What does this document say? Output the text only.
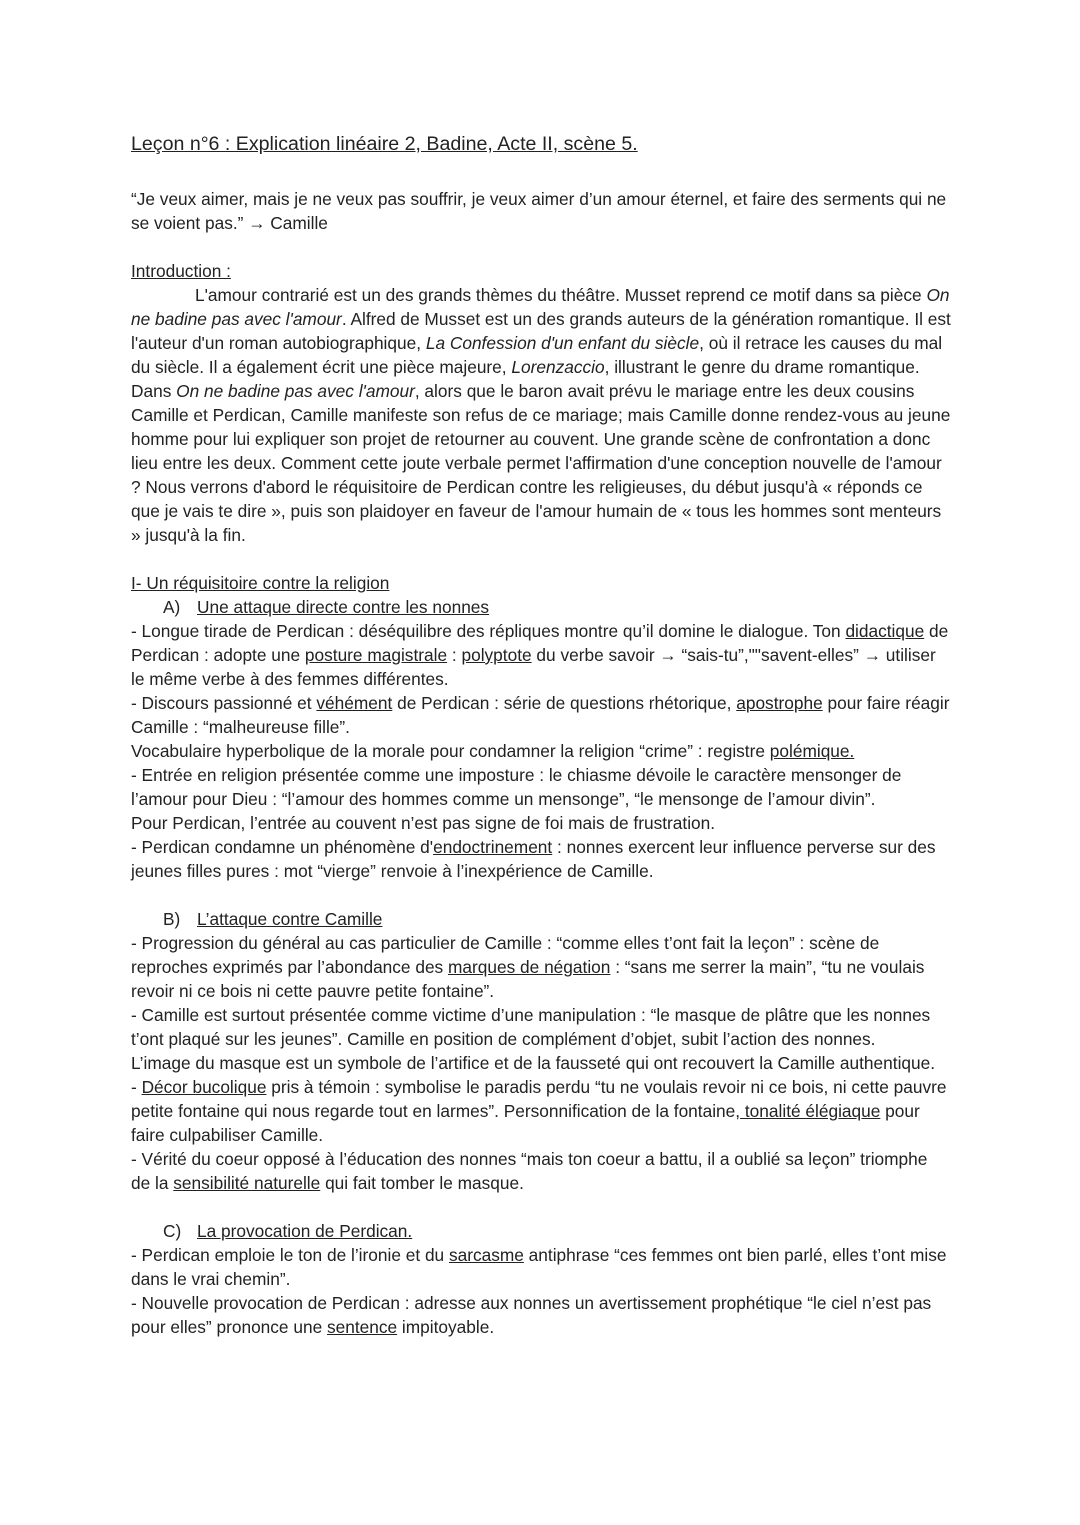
Leçon n°6 : Explication linéaire 2, Badine, Acte II, scène 5.

“Je veux aimer, mais je ne veux pas souffrir, je veux aimer d’un amour éternel, et faire des serments qui ne se voient pas.” → Camille

Introduction :

L'amour contrarié est un des grands thèmes du théâtre. Musset reprend ce motif dans sa pièce On ne badine pas avec l'amour. Alfred de Musset est un des grands auteurs de la génération romantique. Il est l'auteur d'un roman autobiographique, La Confession d'un enfant du siècle, où il retrace les causes du mal du siècle. Il a également écrit une pièce majeure, Lorenzaccio, illustrant le genre du drame romantique. Dans On ne badine pas avec l'amour, alors que le baron avait prévu le mariage entre les deux cousins Camille et Perdican, Camille manifeste son refus de ce mariage; mais Camille donne rendez-vous au jeune homme pour lui expliquer son projet de retourner au couvent. Une grande scène de confrontation a donc lieu entre les deux. Comment cette joute verbale permet l'affirmation d'une conception nouvelle de l'amour ? Nous verrons d'abord le réquisitoire de Perdican contre les religieuses, du début jusqu'à « réponds ce que je vais te dire », puis son plaidoyer en faveur de l'amour humain de « tous les hommes sont menteurs » jusqu'à la fin.

I- Un réquisitoire contre la religion

A) Une attaque directe contre les nonnes

- Longue tirade de Perdican : déséquilibre des répliques montre qu’il domine le dialogue. Ton didactique de Perdican : adopte une posture magistrale : polyptote du verbe savoir → “sais-tu”,""savent-elles” → utiliser le même verbe à des femmes différentes.

- Discours passionné et véhément de Perdican : série de questions rhétorique, apostrophe pour faire réagir Camille : “malheureuse fille”.

Vocabulaire hyperbolique de la morale pour condamner la religion “crime” : registre polémique.

- Entrée en religion présentée comme une imposture : le chiasme dévoile le caractère mensonger de l’amour pour Dieu : “l’amour des hommes comme un mensonge”, “le mensonge de l’amour divin”.

Pour Perdican, l’entrée au couvent n’est pas signe de foi mais de frustration.

- Perdican condamne un phénomène d'endoctrinement : nonnes exercent leur influence perverse sur des jeunes filles pures : mot “vierge” renvoie à l’inexpérience de Camille.

B) L’attaque contre Camille

- Progression du général au cas particulier de Camille : “comme elles t’ont fait la leçon” : scène de reproches exprimés par l’abondance des marques de négation : “sans me serrer la main”, “tu ne voulais revoir ni ce bois ni cette pauvre petite fontaine”.

- Camille est surtout présentée comme victime d’une manipulation : “le masque de plâtre que les nonnes t’ont plaqué sur les jeunes”. Camille en position de complément d’objet, subit l’action des nonnes.

L’image du masque est un symbole de l’artifice et de la fausseté qui ont recouvert la Camille authentique.

- Décor bucolique pris à témoin : symbolise le paradis perdu “tu ne voulais revoir ni ce bois, ni cette pauvre petite fontaine qui nous regarde tout en larmes”. Personnification de la fontaine, tonalité élégiaque pour faire culpabiliser Camille.

- Vérité du coeur opposé à l’éducation des nonnes “mais ton coeur a battu, il a oublié sa leçon” triomphe de la sensibilité naturelle qui fait tomber le masque.

C) La provocation de Perdican.

- Perdican emploie le ton de l’ironie et du sarcasme antiphrase “ces femmes ont bien parlé, elles t’ont mise dans le vrai chemin”.

- Nouvelle provocation de Perdican : adresse aux nonnes un avertissement prophétique “le ciel n’est pas pour elles” prononce une sentence impitoyable.
